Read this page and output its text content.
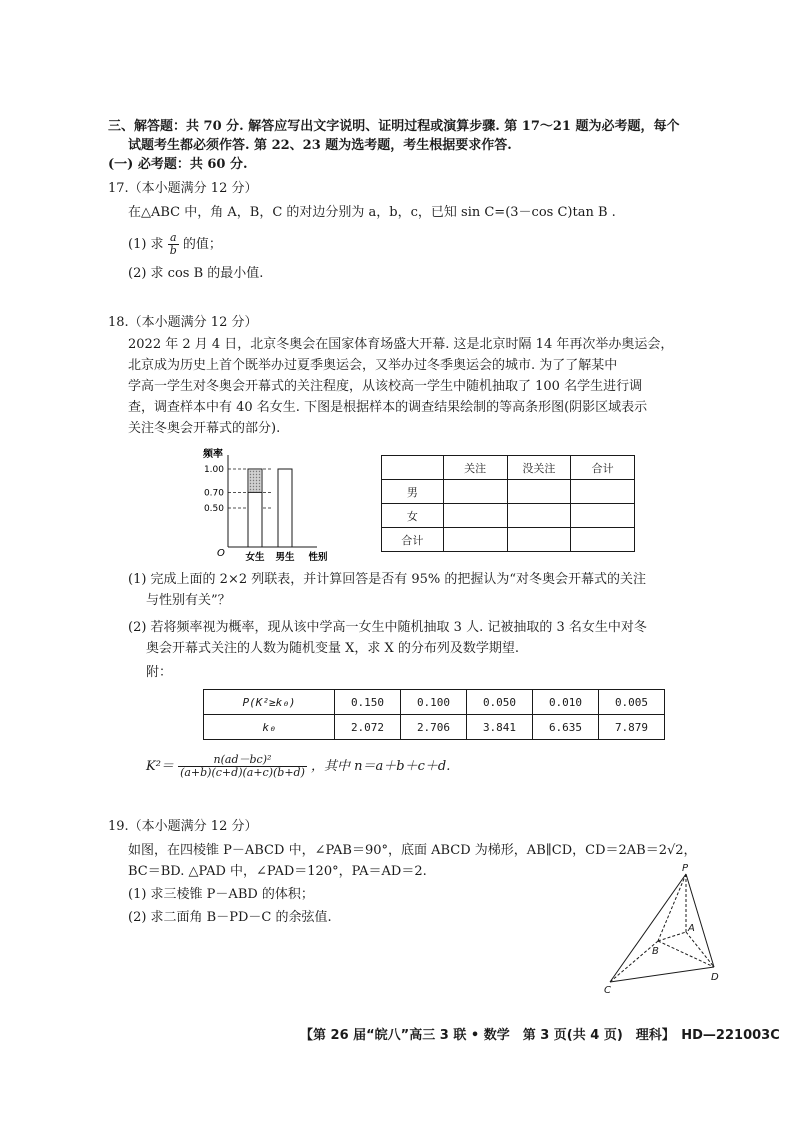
三、解答题：共 70 分. 解答应写出文字说明、证明过程或演算步骤. 第 17～21 题为必考题，每个
试题考生都必须作答. 第 22、23 题为选考题，考生根据要求作答.
(一) 必考题：共 60 分.
17.（本小题满分 12 分）
在△ABC 中，角 A，B，C 的对边分别为 a，b，c，已知 sin C=(3－cos C)tan B .
(1) 求 $\frac{a}{b}$ 的值；
(2) 求 cos B 的最小值.
18.（本小题满分 12 分）
2022 年 2 月 4 日，北京冬奥会在国家体育场盛大开幕. 这是北京时隔 14 年再次举办奥运会，
北京成为历史上首个既举办过夏季奥运会，又举办过冬季奥运会的城市. 为了了解某中
学高一学生对冬奥会开幕式的关注程度，从该校高一学生中随机抽取了 100 名学生进行调
查，调查样本中有 40 名女生. 下图是根据样本的调查结果绘制的等高条形图(阴影区域表示
关注冬奥会开幕式的部分).
频率
O
1.00
0.70
0.50
女生 男生 性别
	关注	没关注	合计
男			
女			
合计			
(1) 完成上面的 2×2 列联表，并计算回答是否有 95% 的把握认为“对冬奥会开幕式的关注
与性别有关”？
(2) 若将频率视为概率，现从该中学高一女生中随机抽取 3 人. 记被抽取的 3 名女生中对冬
奥会开幕式关注的人数为随机变量 X，求 X 的分布列及数学期望.
附：
P(K²≥k₀)	0.150	0.100	0.050	0.010	0.005
k₀	2.072	2.706	3.841	6.635	7.879
$K^2= \frac{\text{n(ad－bc)²}}{(a+b)(c+d)(a+c)(b+d)}$ ，其中 n＝a＋b＋c＋d.
19.（本小题满分 12 分）
如图，在四棱锥 P－ABCD 中，∠PAB＝90°，底面 ABCD 为梯形，AB∥CD，CD＝2AB＝2√2，
BC＝BD. △PAD 中，∠PAD＝120°，PA＝AD＝2.
(1) 求三棱锥 P－ABD 的体积；
(2) 求二面角 B－PD－C 的余弦值.
P
A
B
C
D
【第 26 届“皖八”高三 3 联 • 数学　第 3 页(共 4 页)　理科】　HD—221003C
